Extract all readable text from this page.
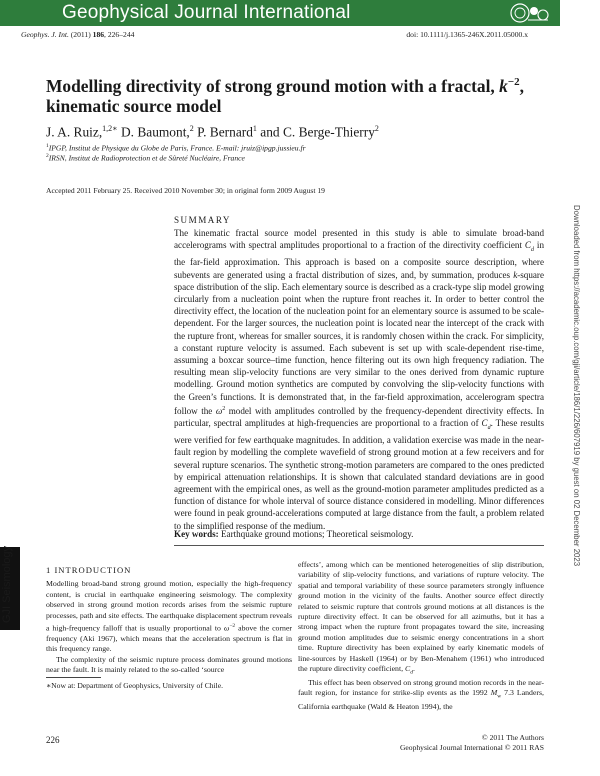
Geophysical Journal International
Geophys. J. Int. (2011) 186, 226–244	doi: 10.1111/j.1365-246X.2011.05000.x
Modelling directivity of strong ground motion with a fractal, $k^{-2}$,
kinematic source model
J. A. Ruiz,$^{1,2∗}$ D. Baumont,$^2$ P. Bernard$^1$ and C. Berge-Thierry$^2$
$^1$IPGP, Institut de Physique du Globe de Paris, France. E-mail: jruiz@ipgp.jussieu.fr
$^2$IRSN, Institut de Radioprotection et de Sûreté Nucléaire, France
Accepted 2011 February 25. Received 2010 November 30; in original form 2009 August 19
SUMMARY
The kinematic fractal source model presented in this study is able to simulate broad-band accelerograms with spectral amplitudes proportional to a fraction of the directivity coefficient $C_d$ in the far-field approximation. This approach is based on a composite source description, where subevents are generated using a fractal distribution of sizes, and, by summation, produces k-square space distribution of the slip. Each elementary source is described as a crack-type slip model growing circularly from a nucleation point when the rupture front reaches it. In order to better control the directivity effect, the location of the nucleation point for an elementary source is assumed to be scale-dependent. For the larger sources, the nucleation point is located near the intercept of the crack with the rupture front, whereas for smaller sources, it is randomly chosen within the crack. For simplicity, a constant rupture velocity is assumed. Each subevent is set up with scale-dependent rise-time, assuming a boxcar source–time function, hence filtering out its own high frequency radiation. The resulting mean slip-velocity functions are very similar to the ones derived from dynamic rupture modelling. Ground motion synthetics are computed by convolving the slip-velocity functions with the Green’s functions. It is demonstrated that, in the far-field approximation, accelerogram spectra follow the $\omega^2$ model with amplitudes controlled by the frequency-dependent directivity effects. In particular, spectral amplitudes at high-frequencies are proportional to a fraction of $C_d$. These results were verified for few earthquake magnitudes. In addition, a validation exercise was made in the near-fault region by modelling the complete wavefield of strong ground motion at a few receivers and for several rupture scenarios. The synthetic strong-motion parameters are compared to the ones predicted by empirical attenuation relationships. It is shown that calculated standard deviations are in good agreement with the empirical ones, as well as the ground-motion parameter amplitudes predicted as a function of distance for whole interval of source distance considered in modelling. Minor differences were found in peak ground-accelerations computed at large distance from the fault, a problem related to the simplified response of the medium.
Key words: Earthquake ground motions; Theoretical seismology.
GJI Seismology
Downloaded from https://academic.oup.com/gji/article/186/1/226/607919 by guest on 02 December 2023
1 INTRODUCTION

Modelling broad-band strong ground motion, especially the high-frequency content, is crucial in earthquake engineering seismology. The complexity observed in strong ground motion records arises from the seismic rupture processes, path and site effects. The earthquake displacement spectrum reveals a high-frequency falloff that is usually proportional to $\omega^{-2}$ above the corner frequency (Aki 1967), which means that the acceleration spectrum is flat in this frequency range.

The complexity of the seismic rupture process dominates ground motions near the fault. It is mainly related to the so-called ‘source

effects’, among which can be mentioned heterogeneities of slip distribution, variability of slip-velocity functions, and variations of rupture velocity. The spatial and temporal variability of these source parameters strongly influence ground motion in the vicinity of the faults. Another source effect directly related to seismic rupture that controls ground motions at all distances is the rupture directivity effect. It can be observed for all azimuths, but it has a strong impact when the rupture front propagates toward the site, increasing ground motion amplitudes due to seismic energy concentrations in a short time. Rupture directivity has been explained by early kinematic models of line-sources by Haskell (1964) or by Ben-Menahem (1961) who introduced the rupture directivity coefficient, $C_d$.

This effect has been observed on strong ground motion records in the near-fault region, for instance for strike-slip events as the 1992 $M_w$ 7.3 Landers, California earthquake (Wald & Heaton 1994), the

∗Now at: Department of Geophysics, University of Chile.
226	© 2011 The Authors
Geophysical Journal International © 2011 RAS
